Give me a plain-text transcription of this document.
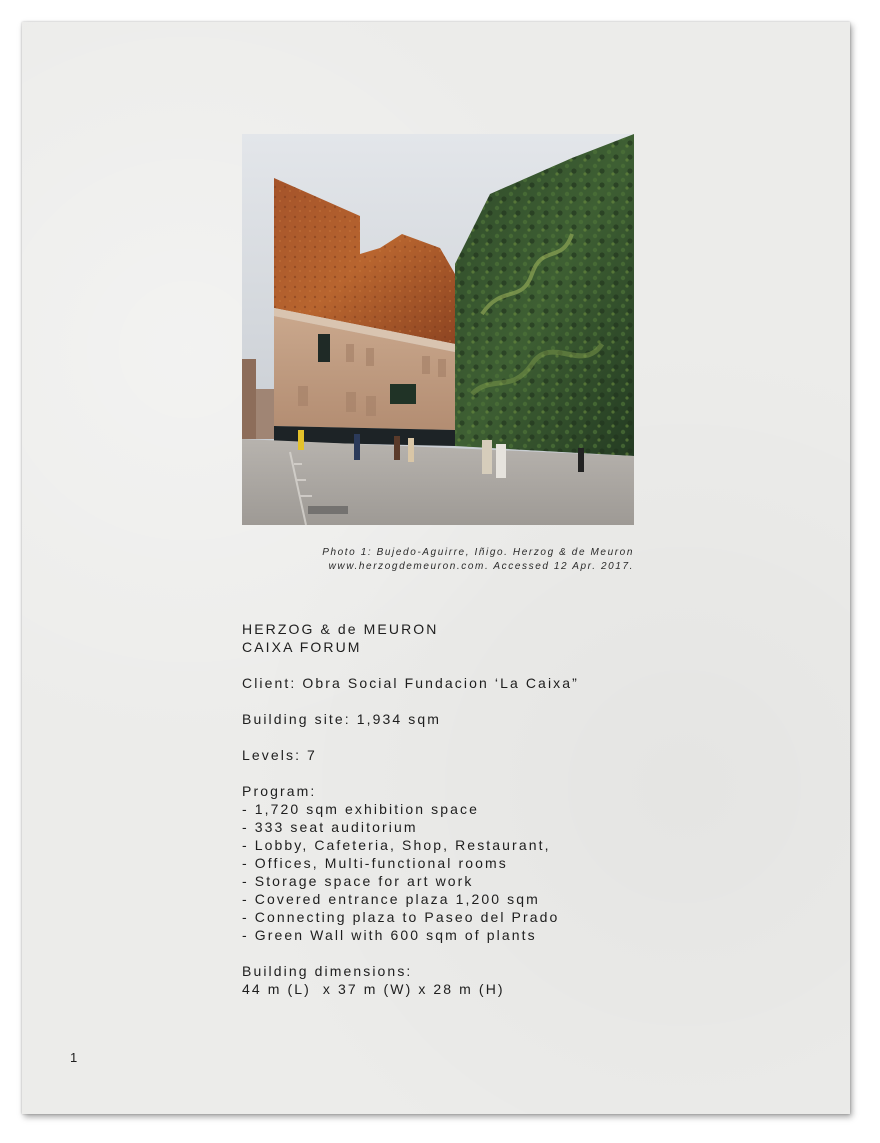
Photo 1: Bujedo-Aguirre, Iñigo. Herzog & de Meuron
www.herzogdemeuron.com. Accessed 12 Apr. 2017.
HERZOG & de MEURON
CAIXA FORUM
Client: Obra Social Fundacion ‘La Caixa”
Building site: 1,934 sqm
Levels: 7
Program:
- 1,720 sqm exhibition space
- 333 seat auditorium
- Lobby, Cafeteria, Shop, Restaurant,
- Offices, Multi-functional rooms
- Storage space for art work
- Covered entrance plaza 1,200 sqm
- Connecting plaza to Paseo del Prado
- Green Wall with 600 sqm of plants
Building dimensions:
44 m (L)  x 37 m (W) x 28 m (H)
1
